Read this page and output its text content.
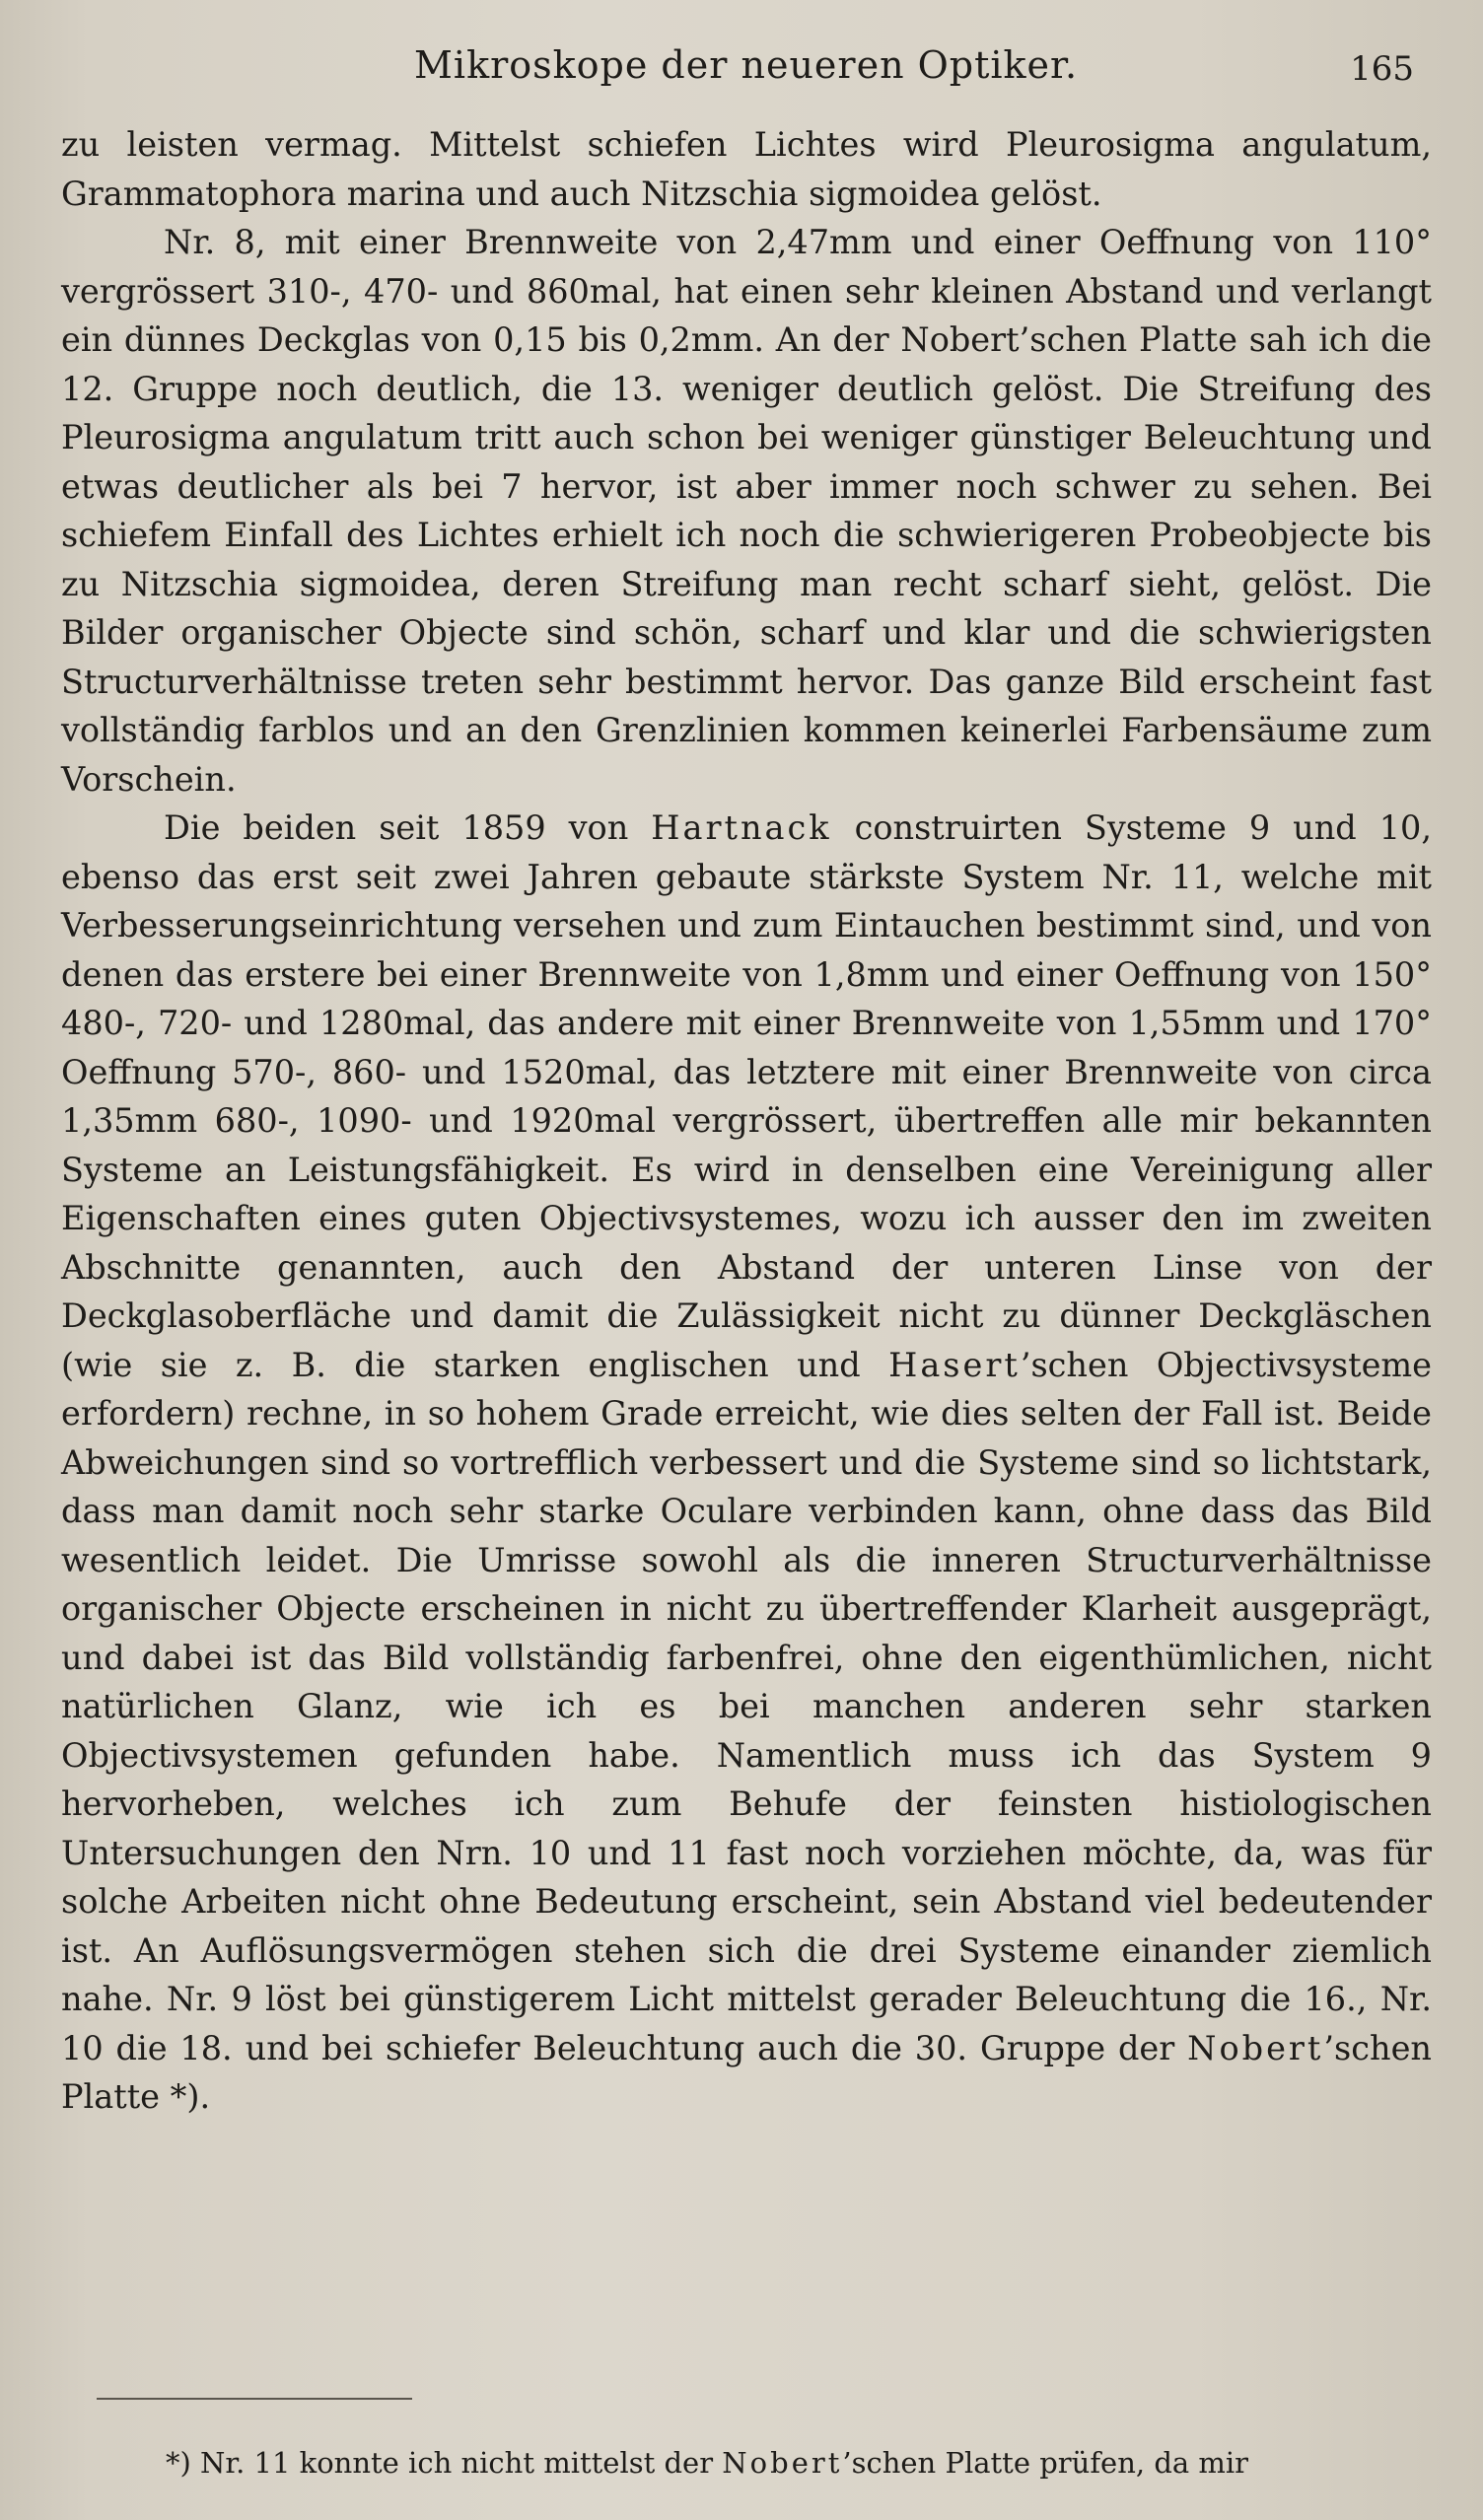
Mikroskope der neueren Optiker.	165

zu leisten vermag. Mittelst schiefen Lichtes wird Pleurosigma angulatum, Grammatophora marina und auch Nitzschia sigmoidea gelöst.

Nr. 8, mit einer Brennweite von 2,47mm und einer Oeffnung von 110° vergrössert 310-, 470- und 860mal, hat einen sehr kleinen Abstand und verlangt ein dünnes Deckglas von 0,15 bis 0,2mm. An der Nobert’schen Platte sah ich die 12. Gruppe noch deutlich, die 13. weniger deutlich gelöst. Die Streifung des Pleurosigma angulatum tritt auch schon bei weniger günstiger Beleuchtung und etwas deutlicher als bei 7 hervor, ist aber immer noch schwer zu sehen. Bei schiefem Einfall des Lichtes erhielt ich noch die schwierigeren Probeobjecte bis zu Nitzschia sigmoidea, deren Streifung man recht scharf sieht, gelöst. Die Bilder organischer Objecte sind schön, scharf und klar und die schwierigsten Structurverhältnisse treten sehr bestimmt hervor. Das ganze Bild erscheint fast vollständig farblos und an den Grenzlinien kommen keinerlei Farbensäume zum Vorschein.

Die beiden seit 1859 von Hartnack construirten Systeme 9 und 10, ebenso das erst seit zwei Jahren gebaute stärkste System Nr. 11, welche mit Verbesserungseinrichtung versehen und zum Eintauchen bestimmt sind, und von denen das erstere bei einer Brennweite von 1,8mm und einer Oeffnung von 150° 480-, 720- und 1280mal, das andere mit einer Brennweite von 1,55mm und 170° Oeffnung 570-, 860- und 1520mal, das letztere mit einer Brennweite von circa 1,35mm 680-, 1090- und 1920mal vergrössert, übertreffen alle mir bekannten Systeme an Leistungsfähigkeit. Es wird in denselben eine Vereinigung aller Eigenschaften eines guten Objectivsystemes, wozu ich ausser den im zweiten Abschnitte genannten, auch den Abstand der unteren Linse von der Deckglasoberfläche und damit die Zulässigkeit nicht zu dünner Deckgläschen (wie sie z. B. die starken englischen und Hasert’schen Objectivsysteme erfordern) rechne, in so hohem Grade erreicht, wie dies selten der Fall ist. Beide Abweichungen sind so vortrefflich verbessert und die Systeme sind so lichtstark, dass man damit noch sehr starke Oculare verbinden kann, ohne dass das Bild wesentlich leidet. Die Umrisse sowohl als die inneren Structurverhältnisse organischer Objecte erscheinen in nicht zu übertreffender Klarheit ausgeprägt, und dabei ist das Bild vollständig farbenfrei, ohne den eigenthümlichen, nicht natürlichen Glanz, wie ich es bei manchen anderen sehr starken Objectivsystemen gefunden habe. Namentlich muss ich das System 9 hervorheben, welches ich zum Behufe der feinsten histiologischen Untersuchungen den Nrn. 10 und 11 fast noch vorziehen möchte, da, was für solche Arbeiten nicht ohne Bedeutung erscheint, sein Abstand viel bedeutender ist. An Auflösungsvermögen stehen sich die drei Systeme einander ziemlich nahe. Nr. 9 löst bei günstigerem Licht mittelst gerader Beleuchtung die 16., Nr. 10 die 18. und bei schiefer Beleuchtung auch die 30. Gruppe der Nobert’schen Platte *).

*) Nr. 11 konnte ich nicht mittelst der Nobert’schen Platte prüfen, da mir
